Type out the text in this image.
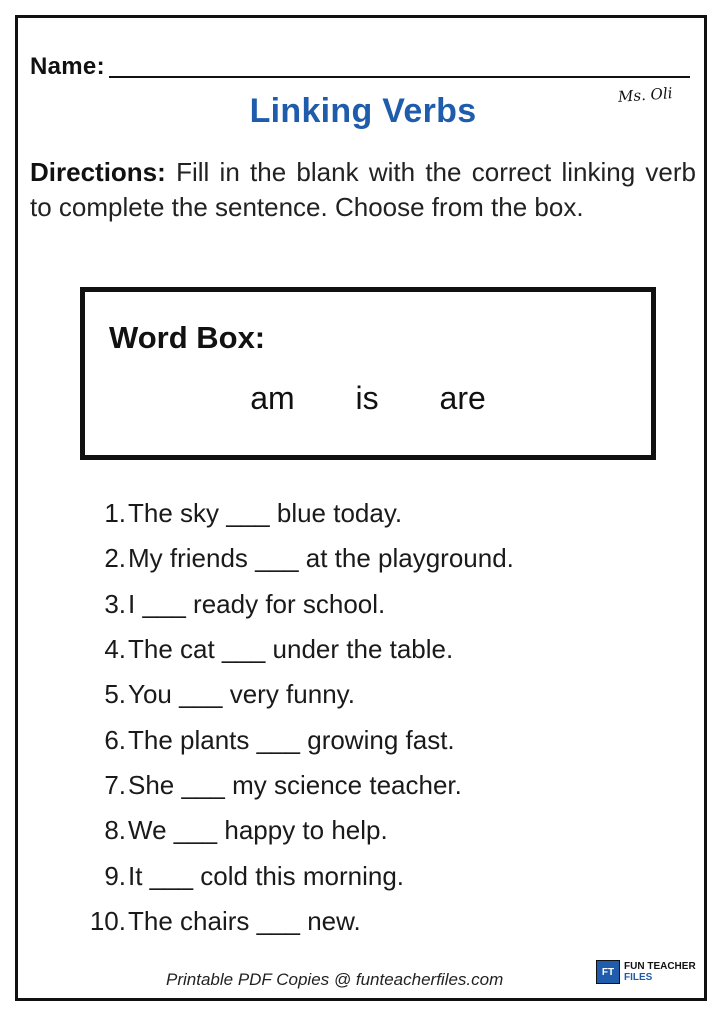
Name:
Linking Verbs	Ms. Oli
Directions: Fill in the blank with the correct linking verb to complete the sentence. Choose from the box.
Word Box:
am is are
1. The sky ___ blue today.
2. My friends ___ at the playground.
3. I ___ ready for school.
4. The cat ___ under the table.
5. You ___ very funny.
6. The plants ___ growing fast.
7. She ___ my science teacher.
8. We ___ happy to help.
9. It ___ cold this morning.
10. The chairs ___ new.
Printable PDF Copies @ funteacherfiles.com	FT FUN TEACHER
FILES
